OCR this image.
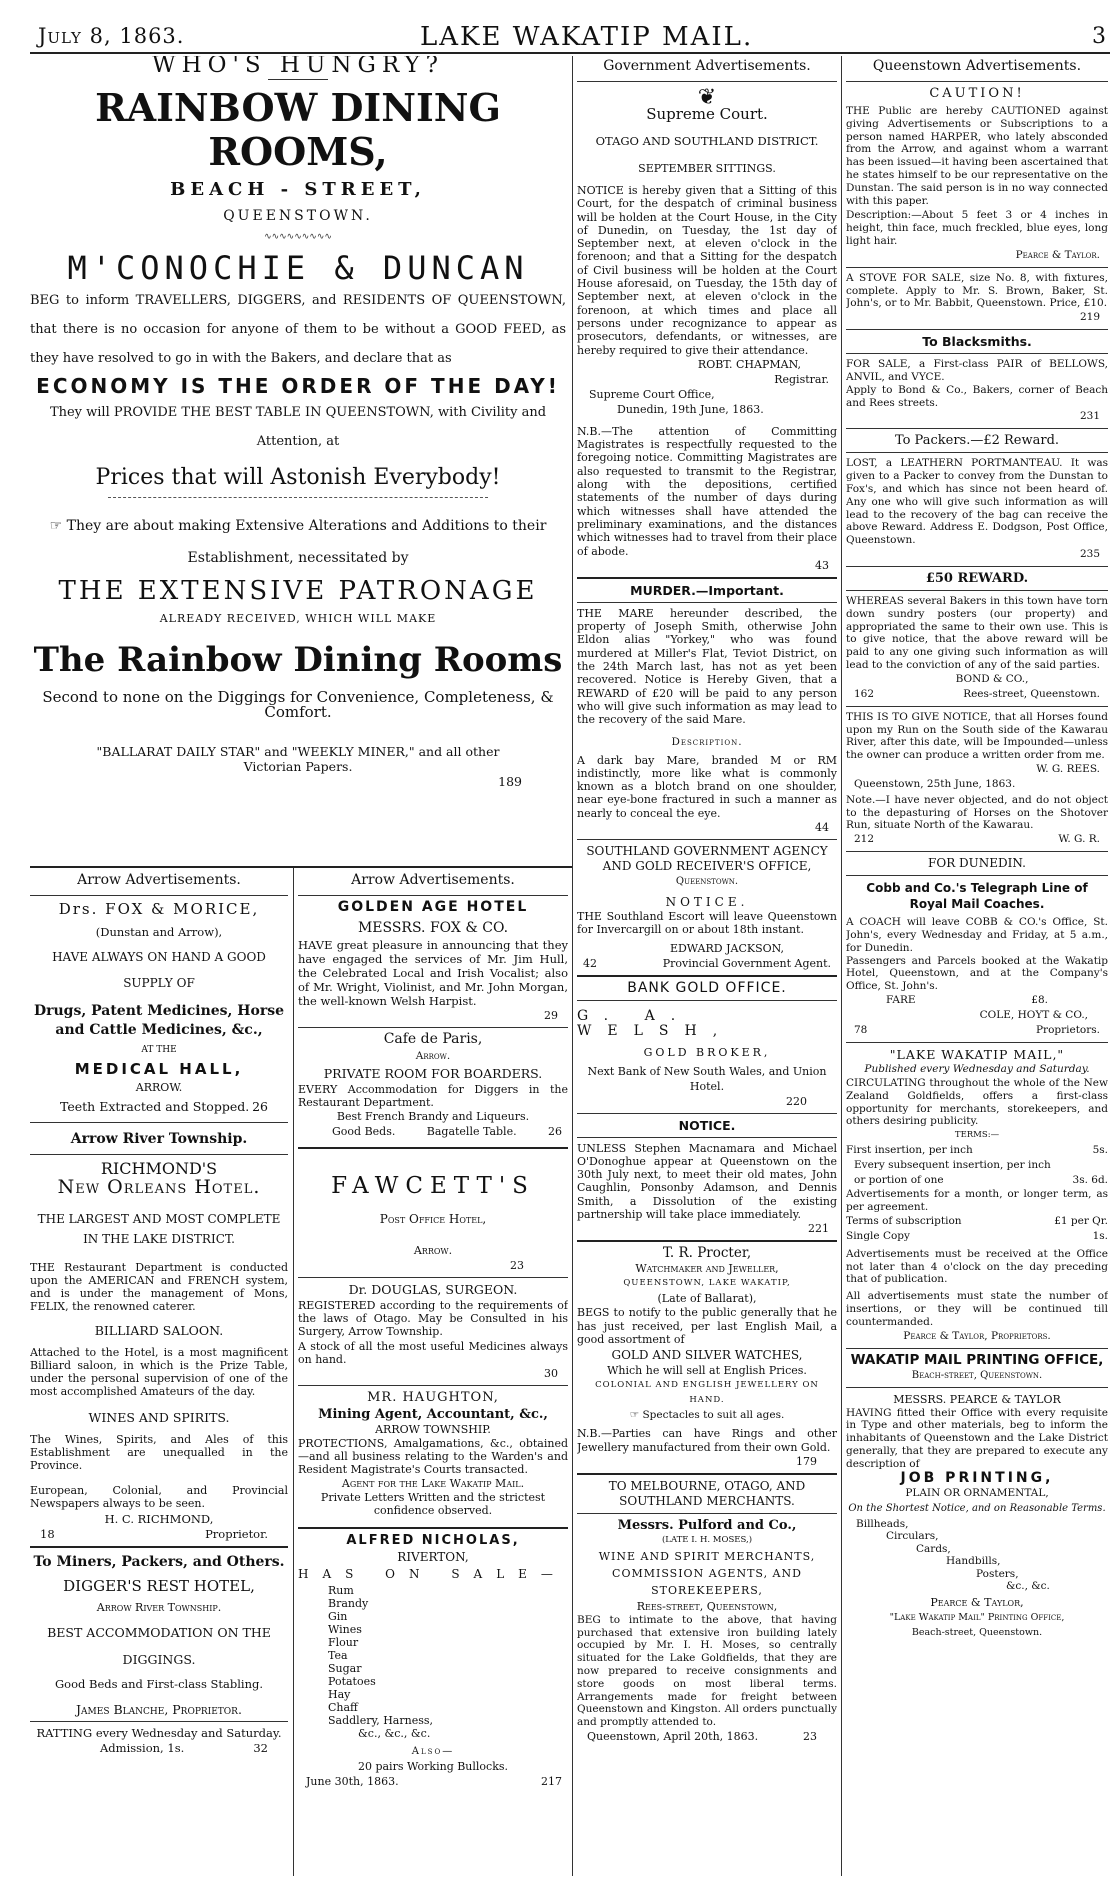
July 8, 1863.	LAKE WAKATIP MAIL.	3

WHO'S HUNGRY?

RAINBOW DINING ROOMS,

BEACH - STREET,

QUEENSTOWN.

∿∿∿∿∿∿∿∿∿

M'CONOCHIE & DUNCAN

BEG to inform TRAVELLERS, DIGGERS, and RESIDENTS OF QUEENSTOWN, that there is no occasion for anyone of them to be without a GOOD FEED, as they have resolved to go in with the Bakers, and declare that as

ECONOMY IS THE ORDER OF THE DAY!

They will PROVIDE THE BEST TABLE IN QUEENSTOWN, with Civility and Attention, at

Prices that will Astonish Everybody!

☞ They are about making Extensive Alterations and Additions to their Establishment, necessitated by

THE EXTENSIVE PATRONAGE

ALREADY RECEIVED, WHICH WILL MAKE

The Rainbow Dining Rooms

Second to none on the Diggings for Convenience, Completeness, & Comfort.

"BALLARAT DAILY STAR" and "WEEKLY MINER," and all other Victorian Papers.

189

Arrow Advertisements.

Drs. FOX & MORICE,

(Dunstan and Arrow),

HAVE ALWAYS ON HAND A GOOD SUPPLY OF

Drugs, Patent Medicines, Horse and Cattle Medicines, &c.,

AT THE

MEDICAL HALL,

ARROW.

Teeth Extracted and Stopped. 26

Arrow River Township.

RICHMOND'S

New Orleans Hotel.

THE LARGEST AND MOST COMPLETE IN THE LAKE DISTRICT.

THE Restaurant Department is conducted upon the AMERICAN and FRENCH system, and is under the management of Mons, FELIX, the renowned caterer.

BILLIARD SALOON.

Attached to the Hotel, is a most magnificent Billiard saloon, in which is the Prize Table, under the personal supervision of one of the most accomplished Amateurs of the day.

WINES AND SPIRITS.

The Wines, Spirits, and Ales of this Establishment are unequalled in the Province.

European, Colonial, and Provincial Newspapers always to be seen.

H. C. RICHMOND,

18	Proprietor.

To Miners, Packers, and Others.

DIGGER'S REST HOTEL,

Arrow River Township.

BEST ACCOMMODATION ON THE DIGGINGS.

Good Beds and First-class Stabling.

James Blanche, Proprietor.

RATTING every Wednesday and Saturday.

Admission, 1s.	32

Arrow Advertisements.

GOLDEN AGE HOTEL

MESSRS. FOX & CO.

HAVE great pleasure in announcing that they have engaged the services of Mr. Jim Hull, the Celebrated Local and Irish Vocalist; also of Mr. Wright, Violinist, and Mr. John Morgan, the well-known Welsh Harpist.

29

Cafe de Paris,

Arrow.

PRIVATE ROOM FOR BOARDERS.

EVERY Accommodation for Diggers in the Restaurant Department.

Best French Brandy and Liqueurs.

Good Beds.	Bagatelle Table.	26

FAWCETT'S

Post Office Hotel,

Arrow.

23

Dr. DOUGLAS, SURGEON.

REGISTERED according to the requirements of the laws of Otago. May be Consulted in his Surgery, Arrow Township.

A stock of all the most useful Medicines always on hand.

30

MR. HAUGHTON,

Mining Agent, Accountant, &c.,

ARROW TOWNSHIP.

PROTECTIONS, Amalgamations, &c., obtained —and all business relating to the Warden's and Resident Magistrate's Courts transacted.

Agent for the Lake Wakatip Mail.

Private Letters Written and the strictest confidence observed.

ALFRED NICHOLAS,

RIVERTON,

HAS ON SALE—

Rum
Brandy
Gin
Wines
Flour
Tea
Sugar
Potatoes
Hay
Chaff
Saddlery, Harness,
&c., &c., &c.

Also—

20 pairs Working Bullocks.

June 30th, 1863.	217

Government Advertisements.

❦

Supreme Court.

OTAGO AND SOUTHLAND DISTRICT.

SEPTEMBER SITTINGS.

NOTICE is hereby given that a Sitting of this Court, for the despatch of criminal business will be holden at the Court House, in the City of Dunedin, on Tuesday, the 1st day of September next, at eleven o'clock in the forenoon; and that a Sitting for the despatch of Civil business will be holden at the Court House aforesaid, on Tuesday, the 15th day of September next, at eleven o'clock in the forenoon, at which times and place all persons under recognizance to appear as prosecutors, defendants, or witnesses, are hereby required to give their attendance.

ROBT. CHAPMAN,

Registrar.

Supreme Court Office,

Dunedin, 19th June, 1863.

N.B.—The attention of Committing Magistrates is respectfully requested to the foregoing notice. Committing Magistrates are also requested to transmit to the Registrar, along with the depositions, certified statements of the number of days during which witnesses shall have attended the preliminary examinations, and the distances which witnesses had to travel from their place of abode.

43

MURDER.—Important.

THE MARE hereunder described, the property of Joseph Smith, otherwise John Eldon alias "Yorkey," who was found murdered at Miller's Flat, Teviot District, on the 24th March last, has not as yet been recovered. Notice is Hereby Given, that a REWARD of £20 will be paid to any person who will give such information as may lead to the recovery of the said Mare.

Description.

A dark bay Mare, branded M or RM indistinctly, more like what is commonly known as a blotch brand on one shoulder, near eye-bone fractured in such a manner as nearly to conceal the eye.

44

SOUTHLAND GOVERNMENT AGENCY AND GOLD RECEIVER'S OFFICE,

Queenstown.

NOTICE.

THE Southland Escort will leave Queenstown for Invercargill on or about 18th instant.

EDWARD JACKSON,

42	Provincial Government Agent.

BANK GOLD OFFICE.

G. A. WELSH,

GOLD BROKER,

Next Bank of New South Wales, and Union Hotel.

220

NOTICE.

UNLESS Stephen Macnamara and Michael O'Donoghue appear at Queenstown on the 30th July next, to meet their old mates, John Caughlin, Ponsonby Adamson, and Dennis Smith, a Dissolution of the existing partnership will take place immediately.

221

T. R. Procter,

Watchmaker and Jeweller,

QUEENSTOWN, LAKE WAKATIP,

(Late of Ballarat),

BEGS to notify to the public generally that he has just received, per last English Mail, a good assortment of

GOLD AND SILVER WATCHES,

Which he will sell at English Prices.

COLONIAL AND ENGLISH JEWELLERY ON HAND.

☞ Spectacles to suit all ages.

N.B.—Parties can have Rings and other Jewellery manufactured from their own Gold.

179

TO MELBOURNE, OTAGO, AND SOUTHLAND MERCHANTS.

Messrs. Pulford and Co.,

(LATE I. H. MOSES,)

WINE AND SPIRIT MERCHANTS, COMMISSION AGENTS, AND STOREKEEPERS,

Rees-street, Queenstown,

BEG to intimate to the above, that having purchased that extensive iron building lately occupied by Mr. I. H. Moses, so centrally situated for the Lake Goldfields, that they are now prepared to receive consignments and store goods on most liberal terms. Arrangements made for freight between Queenstown and Kingston. All orders punctually and promptly attended to.

Queenstown, April 20th, 1863.	23

Queenstown Advertisements.

CAUTION!

THE Public are hereby CAUTIONED against giving Advertisements or Subscriptions to a person named HARPER, who lately absconded from the Arrow, and against whom a warrant has been issued—it having been ascertained that he states himself to be our representative on the Dunstan. The said person is in no way connected with this paper.

Description:—About 5 feet 3 or 4 inches in height, thin face, much freckled, blue eyes, long light hair.

Pearce & Taylor.

A STOVE FOR SALE, size No. 8, with fixtures, complete. Apply to Mr. S. Brown, Baker, St. John's, or to Mr. Babbit, Queenstown. Price, £10.

219

To Blacksmiths.

FOR SALE, a First-class PAIR of BELLOWS, ANVIL, and VYCE.

Apply to Bond & Co., Bakers, corner of Beach and Rees streets.

231

To Packers.—£2 Reward.

LOST, a LEATHERN PORTMANTEAU. It was given to a Packer to convey from the Dunstan to Fox's, and which has since not been heard of. Any one who will give such information as will lead to the recovery of the bag can receive the above Reward. Address E. Dodgson, Post Office, Queenstown.

235

£50 REWARD.

WHEREAS several Bakers in this town have torn down sundry posters (our property) and appropriated the same to their own use. This is to give notice, that the above reward will be paid to any one giving such information as will lead to the conviction of any of the said parties.

BOND & CO.,

162	Rees-street, Queenstown.

THIS IS TO GIVE NOTICE, that all Horses found upon my Run on the South side of the Kawarau River, after this date, will be Impounded—unless the owner can produce a written order from me.

W. G. REES.

Queenstown, 25th June, 1863.

Note.—I have never objected, and do not object to the depasturing of Horses on the Shotover Run, situate North of the Kawarau.

212	W. G. R.

FOR DUNEDIN.

Cobb and Co.'s Telegraph Line of Royal Mail Coaches.

A COACH will leave COBB & CO.'s Office, St. John's, every Wednesday and Friday, at 5 a.m., for Dunedin.

Passengers and Parcels booked at the Wakatip Hotel, Queenstown, and at the Company's Office, St. John's.

FARE	£8.

COLE, HOYT & CO.,

78	Proprietors.

"LAKE WAKATIP MAIL,"

Published every Wednesday and Saturday.

CIRCULATING throughout the whole of the New Zealand Goldfields, offers a first-class opportunity for merchants, storekeepers, and others desiring publicity.

TERMS:—

First insertion, per inch	5s.

Every subsequent insertion, per inch

or portion of one	3s. 6d.

Advertisements for a month, or longer term, as per agreement.

Terms of subscription	£1 per Qr.
Single Copy	1s.

Advertisements must be received at the Office not later than 4 o'clock on the day preceding that of publication.

All advertisements must state the number of insertions, or they will be continued till countermanded.

Pearce & Taylor, Proprietors.

WAKATIP MAIL PRINTING OFFICE,

Beach-street, Queenstown.

MESSRS. PEARCE & TAYLOR

HAVING fitted their Office with every requisite in Type and other materials, beg to inform the inhabitants of Queenstown and the Lake District generally, that they are prepared to execute any description of

JOB PRINTING,

PLAIN OR ORNAMENTAL,

On the Shortest Notice, and on Reasonable Terms.

Billheads,
Circulars,
Cards,
Handbills,
Posters,
&c., &c.

Pearce & Taylor,

"Lake Wakatip Mail" Printing Office,

Beach-street, Queenstown.
